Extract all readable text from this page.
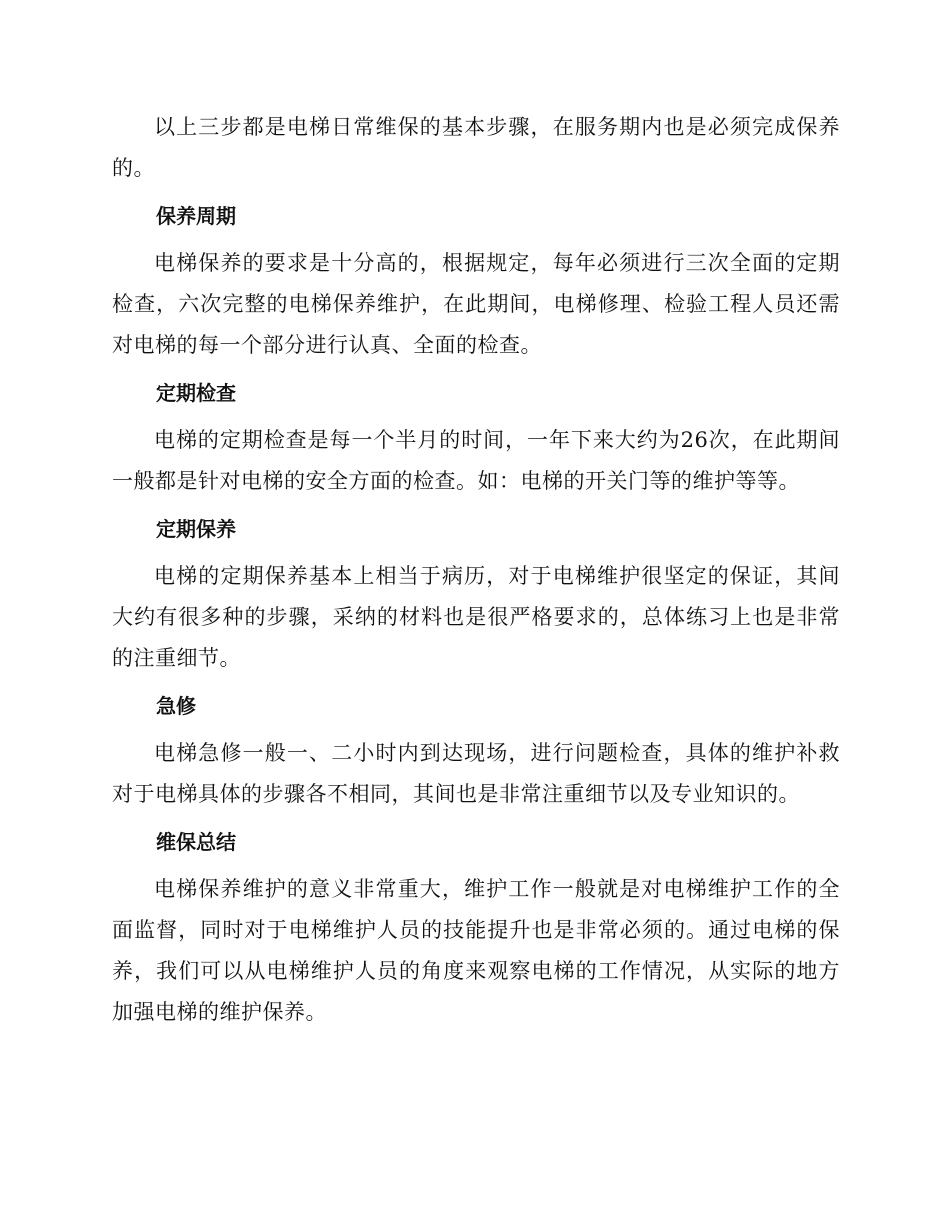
以上三步都是电梯日常维保的基本步骤，在服务期内也是必须完成保养的。

保养周期

电梯保养的要求是十分高的，根据规定，每年必须进行三次全面的定期检查，六次完整的电梯保养维护，在此期间，电梯修理、检验工程人员还需对电梯的每一个部分进行认真、全面的检查。

定期检查

电梯的定期检查是每一个半月的时间，一年下来大约为26次，在此期间一般都是针对电梯的安全方面的检查。如：电梯的开关门等的维护等等。

定期保养

电梯的定期保养基本上相当于病历，对于电梯维护很坚定的保证，其间大约有很多种的步骤，采纳的材料也是很严格要求的，总体练习上也是非常的注重细节。

急修

电梯急修一般一、二小时内到达现场，进行问题检查，具体的维护补救对于电梯具体的步骤各不相同，其间也是非常注重细节以及专业知识的。

维保总结

电梯保养维护的意义非常重大，维护工作一般就是对电梯维护工作的全面监督，同时对于电梯维护人员的技能提升也是非常必须的。通过电梯的保养，我们可以从电梯维护人员的角度来观察电梯的工作情况，从实际的地方加强电梯的维护保养。
